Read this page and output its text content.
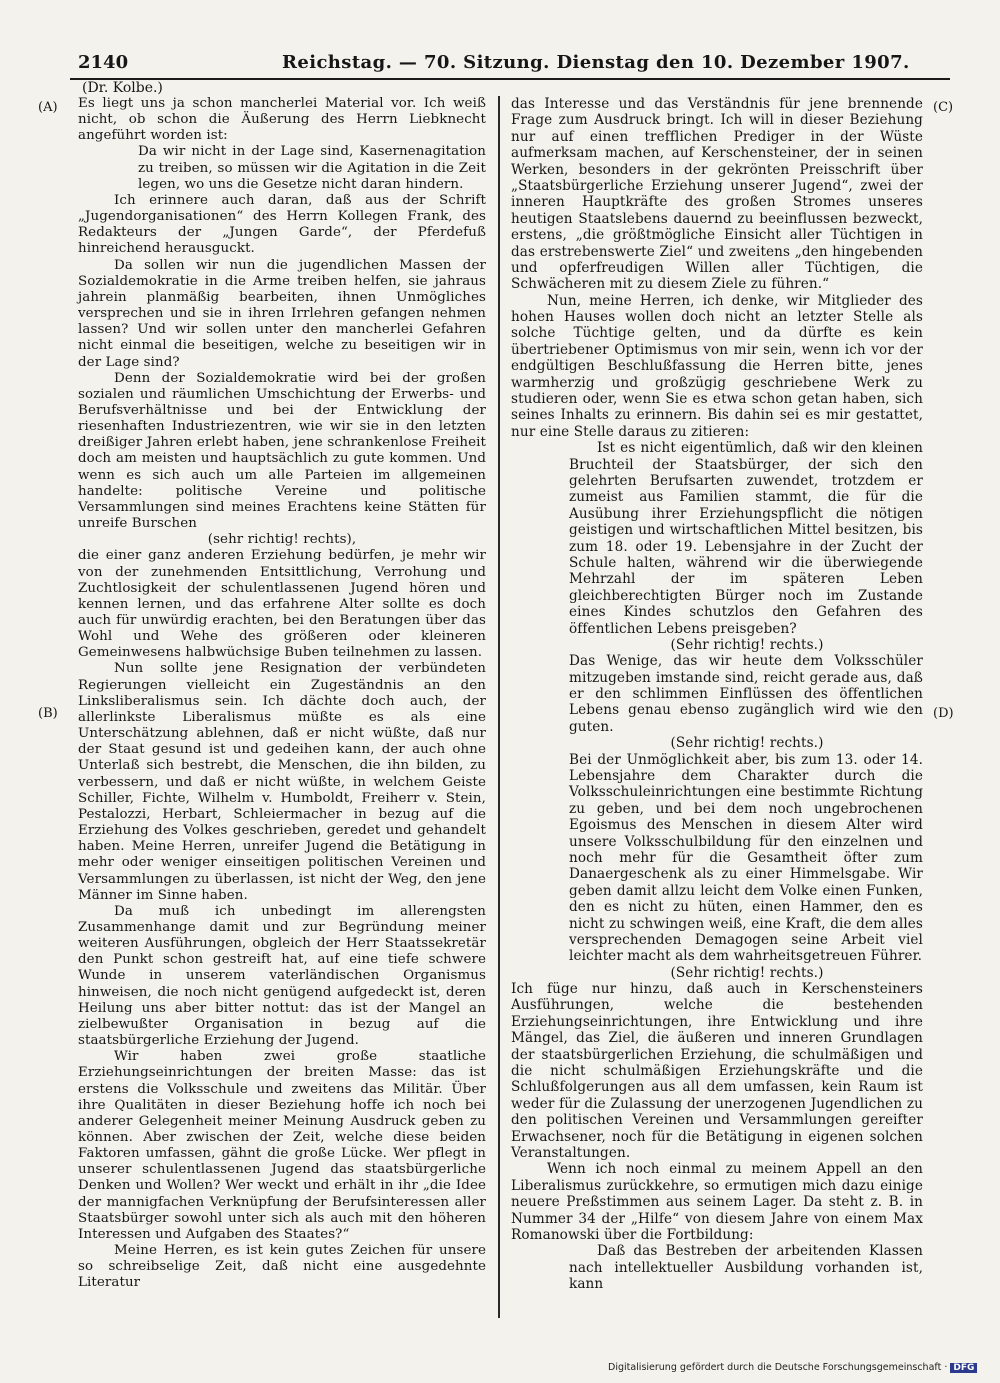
2140	Reichstag. — 70. Sitzung. Dienstag den 10. Dezember 1907.
(Dr. Kolbe.)
(A)
(B)
(C)
(D)

Es liegt uns ja schon mancherlei Material vor. Ich weiß nicht, ob schon die Äußerung des Herrn Liebknecht angeführt worden ist:

Da wir nicht in der Lage sind, Kasernenagitation zu treiben, so müssen wir die Agitation in die Zeit legen, wo uns die Gesetze nicht daran hindern.

Ich erinnere auch daran, daß aus der Schrift „Jugendorganisationen“ des Herrn Kollegen Frank, des Redakteurs der „Jungen Garde“, der Pferdefuß hinreichend herausguckt.

Da sollen wir nun die jugendlichen Massen der Sozialdemokratie in die Arme treiben helfen, sie jahraus jahrein planmäßig bearbeiten, ihnen Unmögliches versprechen und sie in ihren Irrlehren gefangen nehmen lassen? Und wir sollen unter den mancherlei Gefahren nicht einmal die beseitigen, welche zu beseitigen wir in der Lage sind?

Denn der Sozialdemokratie wird bei der großen sozialen und räumlichen Umschichtung der Erwerbs- und Berufsverhältnisse und bei der Entwicklung der riesenhaften Industriezentren, wie wir sie in den letzten dreißiger Jahren erlebt haben, jene schrankenlose Freiheit doch am meisten und hauptsächlich zu gute kommen. Und wenn es sich auch um alle Parteien im allgemeinen handelte: politische Vereine und politische Versammlungen sind meines Erachtens keine Stätten für unreife Burschen

(sehr richtig! rechts),

die einer ganz anderen Erziehung bedürfen, je mehr wir von der zunehmenden Entsittlichung, Verrohung und Zuchtlosigkeit der schulentlassenen Jugend hören und kennen lernen, und das erfahrene Alter sollte es doch auch für unwürdig erachten, bei den Beratungen über das Wohl und Wehe des größeren oder kleineren Gemeinwesens halbwüchsige Buben teilnehmen zu lassen.

Nun sollte jene Resignation der verbündeten Regierungen vielleicht ein Zugeständnis an den Linksliberalismus sein. Ich dächte doch auch, der allerlinkste Liberalismus müßte es als eine Unterschätzung ablehnen, daß er nicht wüßte, daß nur der Staat gesund ist und gedeihen kann, der auch ohne Unterlaß sich bestrebt, die Menschen, die ihn bilden, zu verbessern, und daß er nicht wüßte, in welchem Geiste Schiller, Fichte, Wilhelm v. Humboldt, Freiherr v. Stein, Pestalozzi, Herbart, Schleiermacher in bezug auf die Erziehung des Volkes geschrieben, geredet und gehandelt haben. Meine Herren, unreifer Jugend die Betätigung in mehr oder weniger einseitigen politischen Vereinen und Versammlungen zu überlassen, ist nicht der Weg, den jene Männer im Sinne haben.

Da muß ich unbedingt im allerengsten Zusammenhange damit und zur Begründung meiner weiteren Ausführungen, obgleich der Herr Staatssekretär den Punkt schon gestreift hat, auf eine tiefe schwere Wunde in unserem vaterländischen Organismus hinweisen, die noch nicht genügend aufgedeckt ist, deren Heilung uns aber bitter nottut: das ist der Mangel an zielbewußter Organisation in bezug auf die staatsbürgerliche Erziehung der Jugend.

Wir haben zwei große staatliche Erziehungseinrichtungen der breiten Masse: das ist erstens die Volksschule und zweitens das Militär. Über ihre Qualitäten in dieser Beziehung hoffe ich noch bei anderer Gelegenheit meiner Meinung Ausdruck geben zu können. Aber zwischen der Zeit, welche diese beiden Faktoren umfassen, gähnt die große Lücke. Wer pflegt in unserer schulentlassenen Jugend das staatsbürgerliche Denken und Wollen? Wer weckt und erhält in ihr „die Idee der mannigfachen Verknüpfung der Berufsinteressen aller Staatsbürger sowohl unter sich als auch mit den höheren Interessen und Aufgaben des Staates?“

Meine Herren, es ist kein gutes Zeichen für unsere so schreibselige Zeit, daß nicht eine ausgedehnte Literatur

das Interesse und das Verständnis für jene brennende Frage zum Ausdruck bringt. Ich will in dieser Beziehung nur auf einen trefflichen Prediger in der Wüste aufmerksam machen, auf Kerschensteiner, der in seinen Werken, besonders in der gekrönten Preisschrift über „Staatsbürgerliche Erziehung unserer Jugend“, zwei der inneren Hauptkräfte des großen Stromes unseres heutigen Staatslebens dauernd zu beeinflussen bezweckt, erstens, „die größtmögliche Einsicht aller Tüchtigen in das erstrebenswerte Ziel“ und zweitens „den hingebenden und opferfreudigen Willen aller Tüchtigen, die Schwächeren mit zu diesem Ziele zu führen.“

Nun, meine Herren, ich denke, wir Mitglieder des hohen Hauses wollen doch nicht an letzter Stelle als solche Tüchtige gelten, und da dürfte es kein übertriebener Optimismus von mir sein, wenn ich vor der endgültigen Beschlußfassung die Herren bitte, jenes warmherzig und großzügig geschriebene Werk zu studieren oder, wenn Sie es etwa schon getan haben, sich seines Inhalts zu erinnern. Bis dahin sei es mir gestattet, nur eine Stelle daraus zu zitieren:

Ist es nicht eigentümlich, daß wir den kleinen Bruchteil der Staatsbürger, der sich den gelehrten Berufsarten zuwendet, trotzdem er zumeist aus Familien stammt, die für die Ausübung ihrer Erziehungspflicht die nötigen geistigen und wirtschaftlichen Mittel besitzen, bis zum 18. oder 19. Lebensjahre in der Zucht der Schule halten, während wir die überwiegende Mehrzahl der im späteren Leben gleichberechtigten Bürger noch im Zustande eines Kindes schutzlos den Gefahren des öffentlichen Lebens preisgeben?

(Sehr richtig! rechts.)

Das Wenige, das wir heute dem Volksschüler mitzugeben imstande sind, reicht gerade aus, daß er den schlimmen Einflüssen des öffentlichen Lebens genau ebenso zugänglich wird wie den guten.

(Sehr richtig! rechts.)

Bei der Unmöglichkeit aber, bis zum 13. oder 14. Lebensjahre dem Charakter durch die Volksschuleinrichtungen eine bestimmte Richtung zu geben, und bei dem noch ungebrochenen Egoismus des Menschen in diesem Alter wird unsere Volksschulbildung für den einzelnen und noch mehr für die Gesamtheit öfter zum Danaergeschenk als zu einer Himmelsgabe. Wir geben damit allzu leicht dem Volke einen Funken, den es nicht zu hüten, einen Hammer, den es nicht zu schwingen weiß, eine Kraft, die dem alles versprechenden Demagogen seine Arbeit viel leichter macht als dem wahrheitsgetreuen Führer.

(Sehr richtig! rechts.)

Ich füge nur hinzu, daß auch in Kerschensteiners Ausführungen, welche die bestehenden Erziehungseinrichtungen, ihre Entwicklung und ihre Mängel, das Ziel, die äußeren und inneren Grundlagen der staatsbürgerlichen Erziehung, die schulmäßigen und die nicht schulmäßigen Erziehungskräfte und die Schlußfolgerungen aus all dem umfassen, kein Raum ist weder für die Zulassung der unerzogenen Jugendlichen zu den politischen Vereinen und Versammlungen gereifter Erwachsener, noch für die Betätigung in eigenen solchen Veranstaltungen.

Wenn ich noch einmal zu meinem Appell an den Liberalismus zurückkehre, so ermutigen mich dazu einige neuere Preßstimmen aus seinem Lager. Da steht z. B. in Nummer 34 der „Hilfe“ von diesem Jahre von einem Max Romanowski über die Fortbildung:

Daß das Bestreben der arbeitenden Klassen nach intellektueller Ausbildung vorhanden ist, kann

Digitalisierung gefördert durch die Deutsche Forschungsgemeinschaft · DFG
